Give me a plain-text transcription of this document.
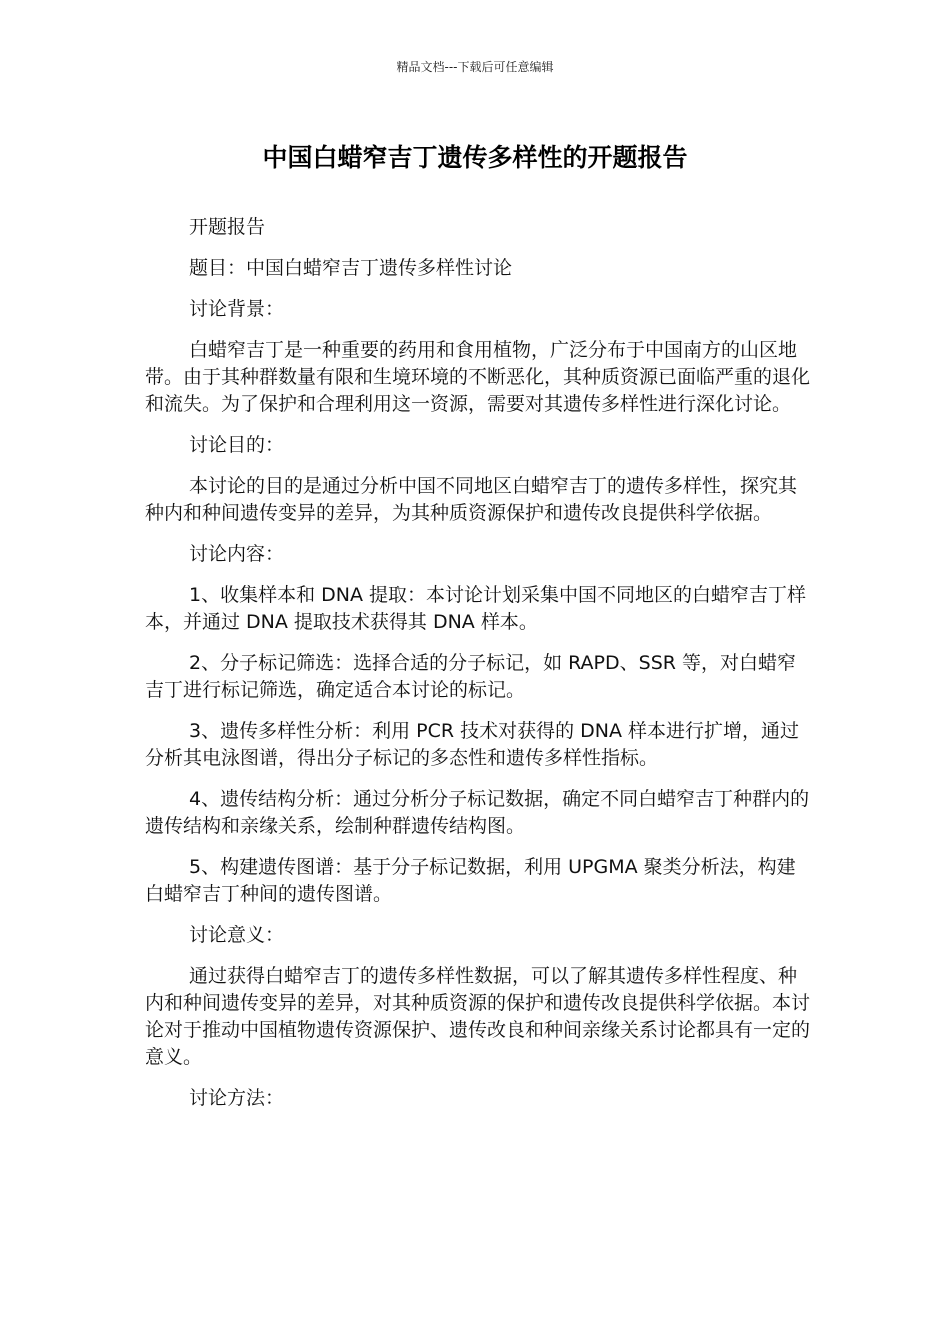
精品文档---下载后可任意编辑
中国白蜡窄吉丁遗传多样性的开题报告

开题报告

题目：中国白蜡窄吉丁遗传多样性讨论

讨论背景：

白蜡窄吉丁是一种重要的药用和食用植物，广泛分布于中国南方的山区地带。由于其种群数量有限和生境环境的不断恶化，其种质资源已面临严重的退化和流失。为了保护和合理利用这一资源，需要对其遗传多样性进行深化讨论。

讨论目的：

本讨论的目的是通过分析中国不同地区白蜡窄吉丁的遗传多样性，探究其种内和种间遗传变异的差异，为其种质资源保护和遗传改良提供科学依据。

讨论内容：

1、收集样本和 DNA 提取：本讨论计划采集中国不同地区的白蜡窄吉丁样本，并通过 DNA 提取技术获得其 DNA 样本。

2、分子标记筛选：选择合适的分子标记，如 RAPD、SSR 等，对白蜡窄吉丁进行标记筛选，确定适合本讨论的标记。

3、遗传多样性分析：利用 PCR 技术对获得的 DNA 样本进行扩增，通过分析其电泳图谱，得出分子标记的多态性和遗传多样性指标。

4、遗传结构分析：通过分析分子标记数据，确定不同白蜡窄吉丁种群内的遗传结构和亲缘关系，绘制种群遗传结构图。

5、构建遗传图谱：基于分子标记数据，利用 UPGMA 聚类分析法，构建白蜡窄吉丁种间的遗传图谱。

讨论意义：

通过获得白蜡窄吉丁的遗传多样性数据，可以了解其遗传多样性程度、种内和种间遗传变异的差异，对其种质资源的保护和遗传改良提供科学依据。本讨论对于推动中国植物遗传资源保护、遗传改良和种间亲缘关系讨论都具有一定的意义。

讨论方法：
